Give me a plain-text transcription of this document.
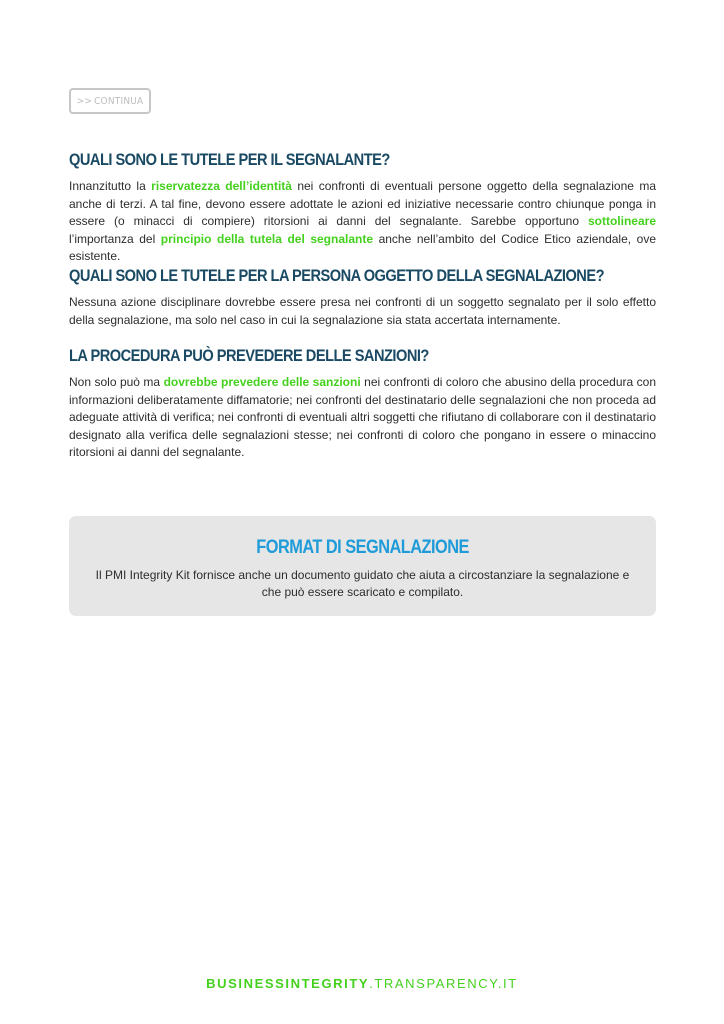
>> CONTINUA
QUALI SONO LE TUTELE PER IL SEGNALANTE?

Innanzitutto la riservatezza dell’identità nei confronti di eventuali persone oggetto della segnalazione ma anche di terzi. A tal fine, devono essere adottate le azioni ed iniziative necessarie contro chiunque ponga in essere (o minacci di compiere) ritorsioni ai danni del segnalante. Sarebbe opportuno sottolineare l’importanza del principio della tutela del segnalante anche nell’ambito del Codice Etico aziendale, ove esistente.

QUALI SONO LE TUTELE PER LA PERSONA OGGETTO DELLA SEGNALAZIONE?

Nessuna azione disciplinare dovrebbe essere presa nei confronti di un soggetto segnalato per il solo effetto della segnalazione, ma solo nel caso in cui la segnalazione sia stata accertata internamente.

LA PROCEDURA PUÒ PREVEDERE DELLE SANZIONI?

Non solo può ma dovrebbe prevedere delle sanzioni nei confronti di coloro che abusino della procedura con informazioni deliberatamente diffamatorie; nei confronti del destinatario delle segnalazioni che non proceda ad adeguate attività di verifica; nei confronti di eventuali altri soggetti che rifiutano di collaborare con il destinatario designato alla verifica delle segnalazioni stesse; nei confronti di coloro che pongano in essere o minaccino ritorsioni ai danni del segnalante.

FORMAT DI SEGNALAZIONE

Il PMI Integrity Kit fornisce anche un documento guidato che aiuta a circostanziare la segnalazione e che può essere scaricato e compilato.

BUSINESSINTEGRITY.TRANSPARENCY.IT
